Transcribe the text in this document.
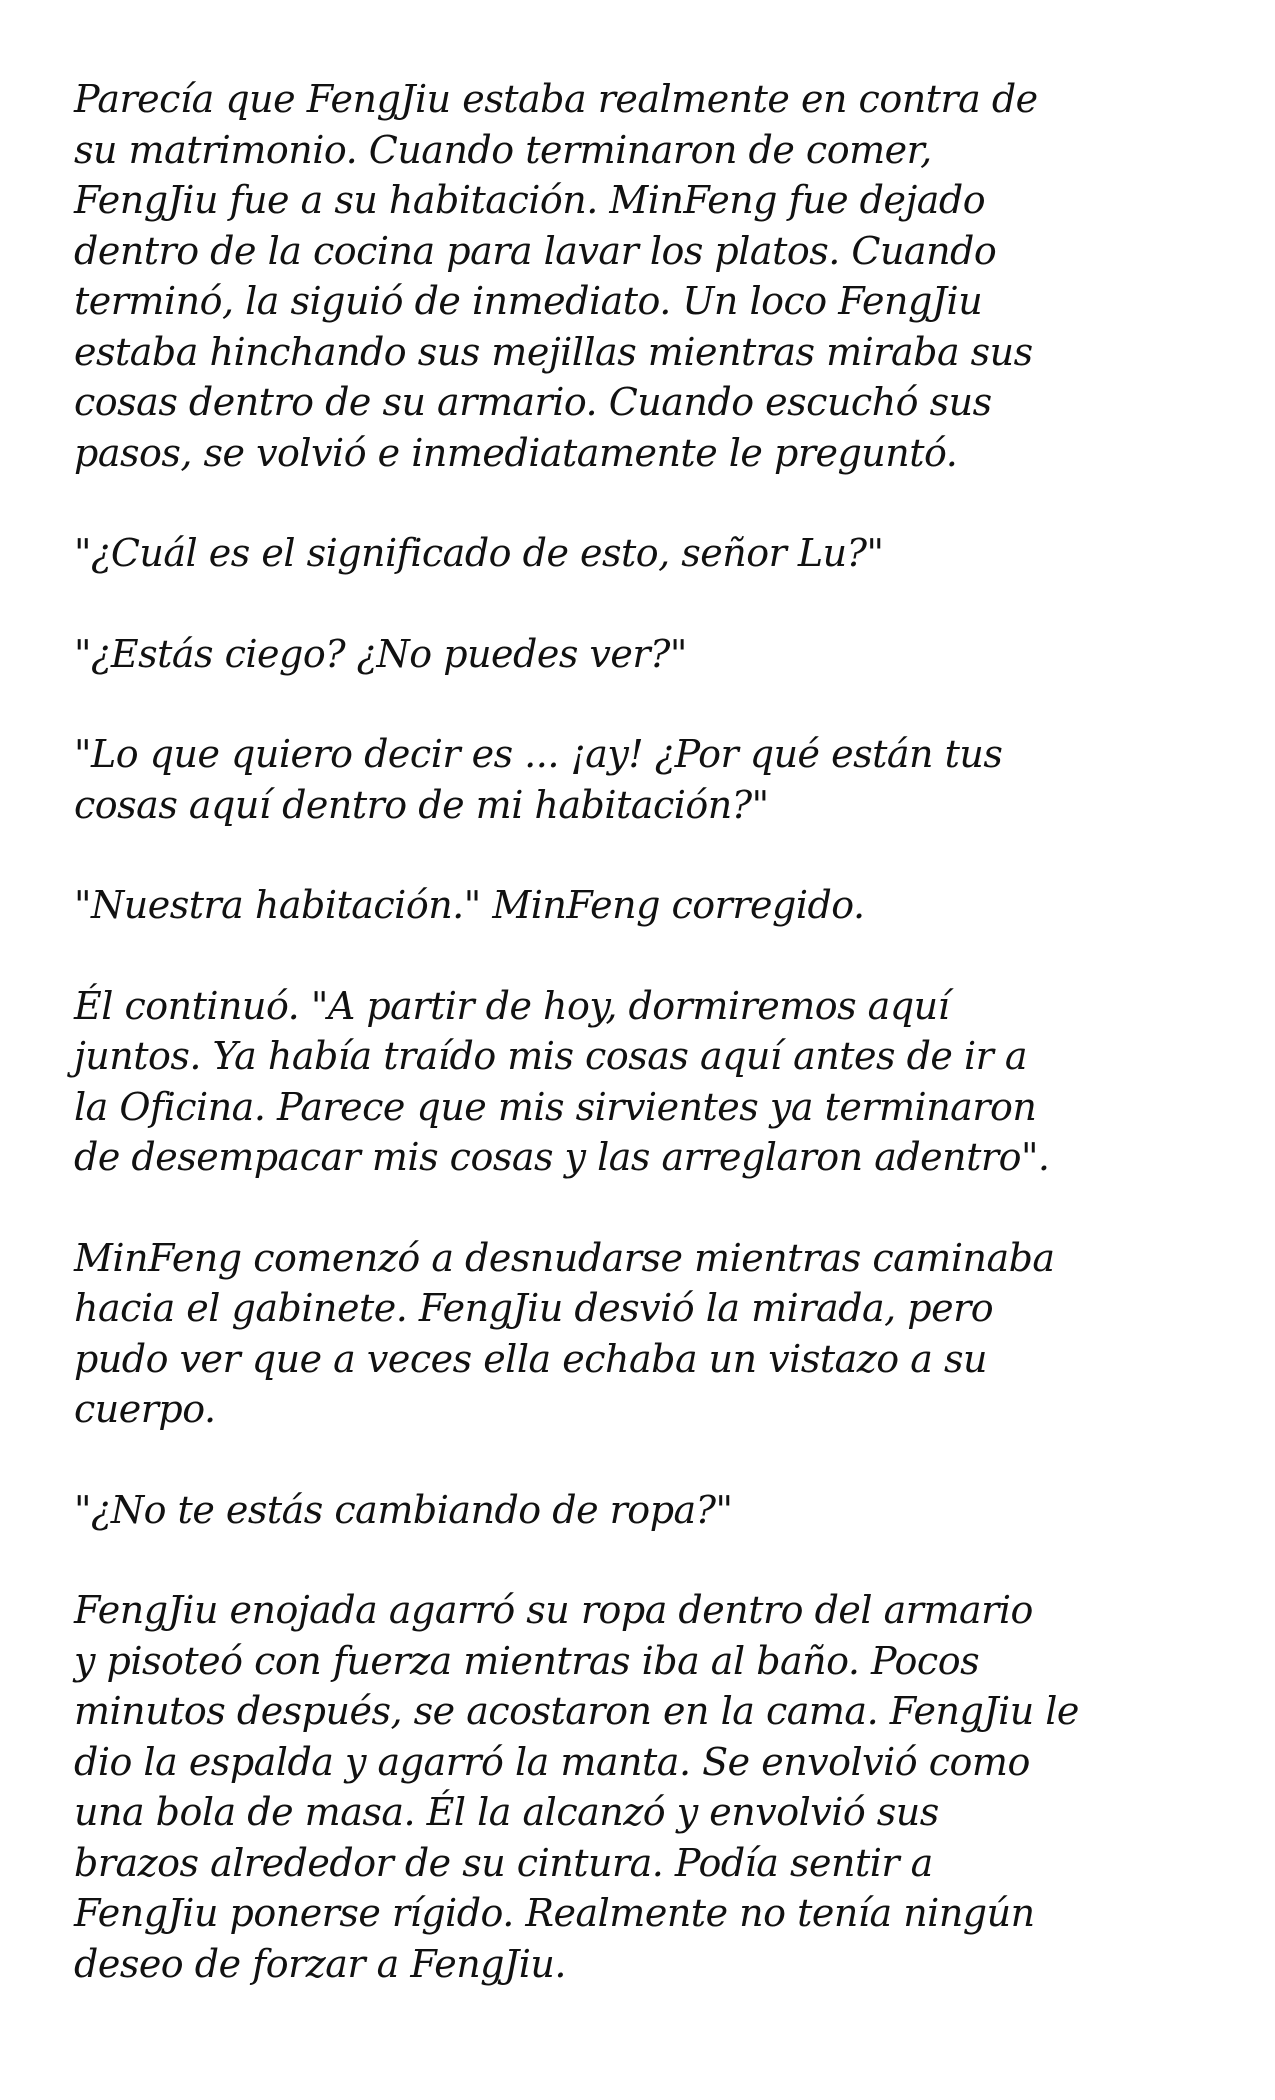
Parecía que FengJiu estaba realmente en contra de
su matrimonio. Cuando terminaron de comer,
FengJiu fue a su habitación. MinFeng fue dejado
dentro de la cocina para lavar los platos. Cuando
terminó, la siguió de inmediato. Un loco FengJiu
estaba hinchando sus mejillas mientras miraba sus
cosas dentro de su armario. Cuando escuchó sus
pasos, se volvió e inmediatamente le preguntó.

"¿Cuál es el significado de esto, señor Lu?"

"¿Estás ciego? ¿No puedes ver?"

"Lo que quiero decir es ... ¡ay! ¿Por qué están tus
cosas aquí dentro de mi habitación?"

"Nuestra habitación." MinFeng corregido.

Él continuó. "A partir de hoy, dormiremos aquí
juntos. Ya había traído mis cosas aquí antes de ir a
la Oficina. Parece que mis sirvientes ya terminaron
de desempacar mis cosas y las arreglaron adentro".

MinFeng comenzó a desnudarse mientras caminaba
hacia el gabinete. FengJiu desvió la mirada, pero
pudo ver que a veces ella echaba un vistazo a su
cuerpo.

"¿No te estás cambiando de ropa?"

FengJiu enojada agarró su ropa dentro del armario
y pisoteó con fuerza mientras iba al baño. Pocos
minutos después, se acostaron en la cama. FengJiu le
dio la espalda y agarró la manta. Se envolvió como
una bola de masa. Él la alcanzó y envolvió sus
brazos alrededor de su cintura. Podía sentir a
FengJiu ponerse rígido. Realmente no tenía ningún
deseo de forzar a FengJiu.
